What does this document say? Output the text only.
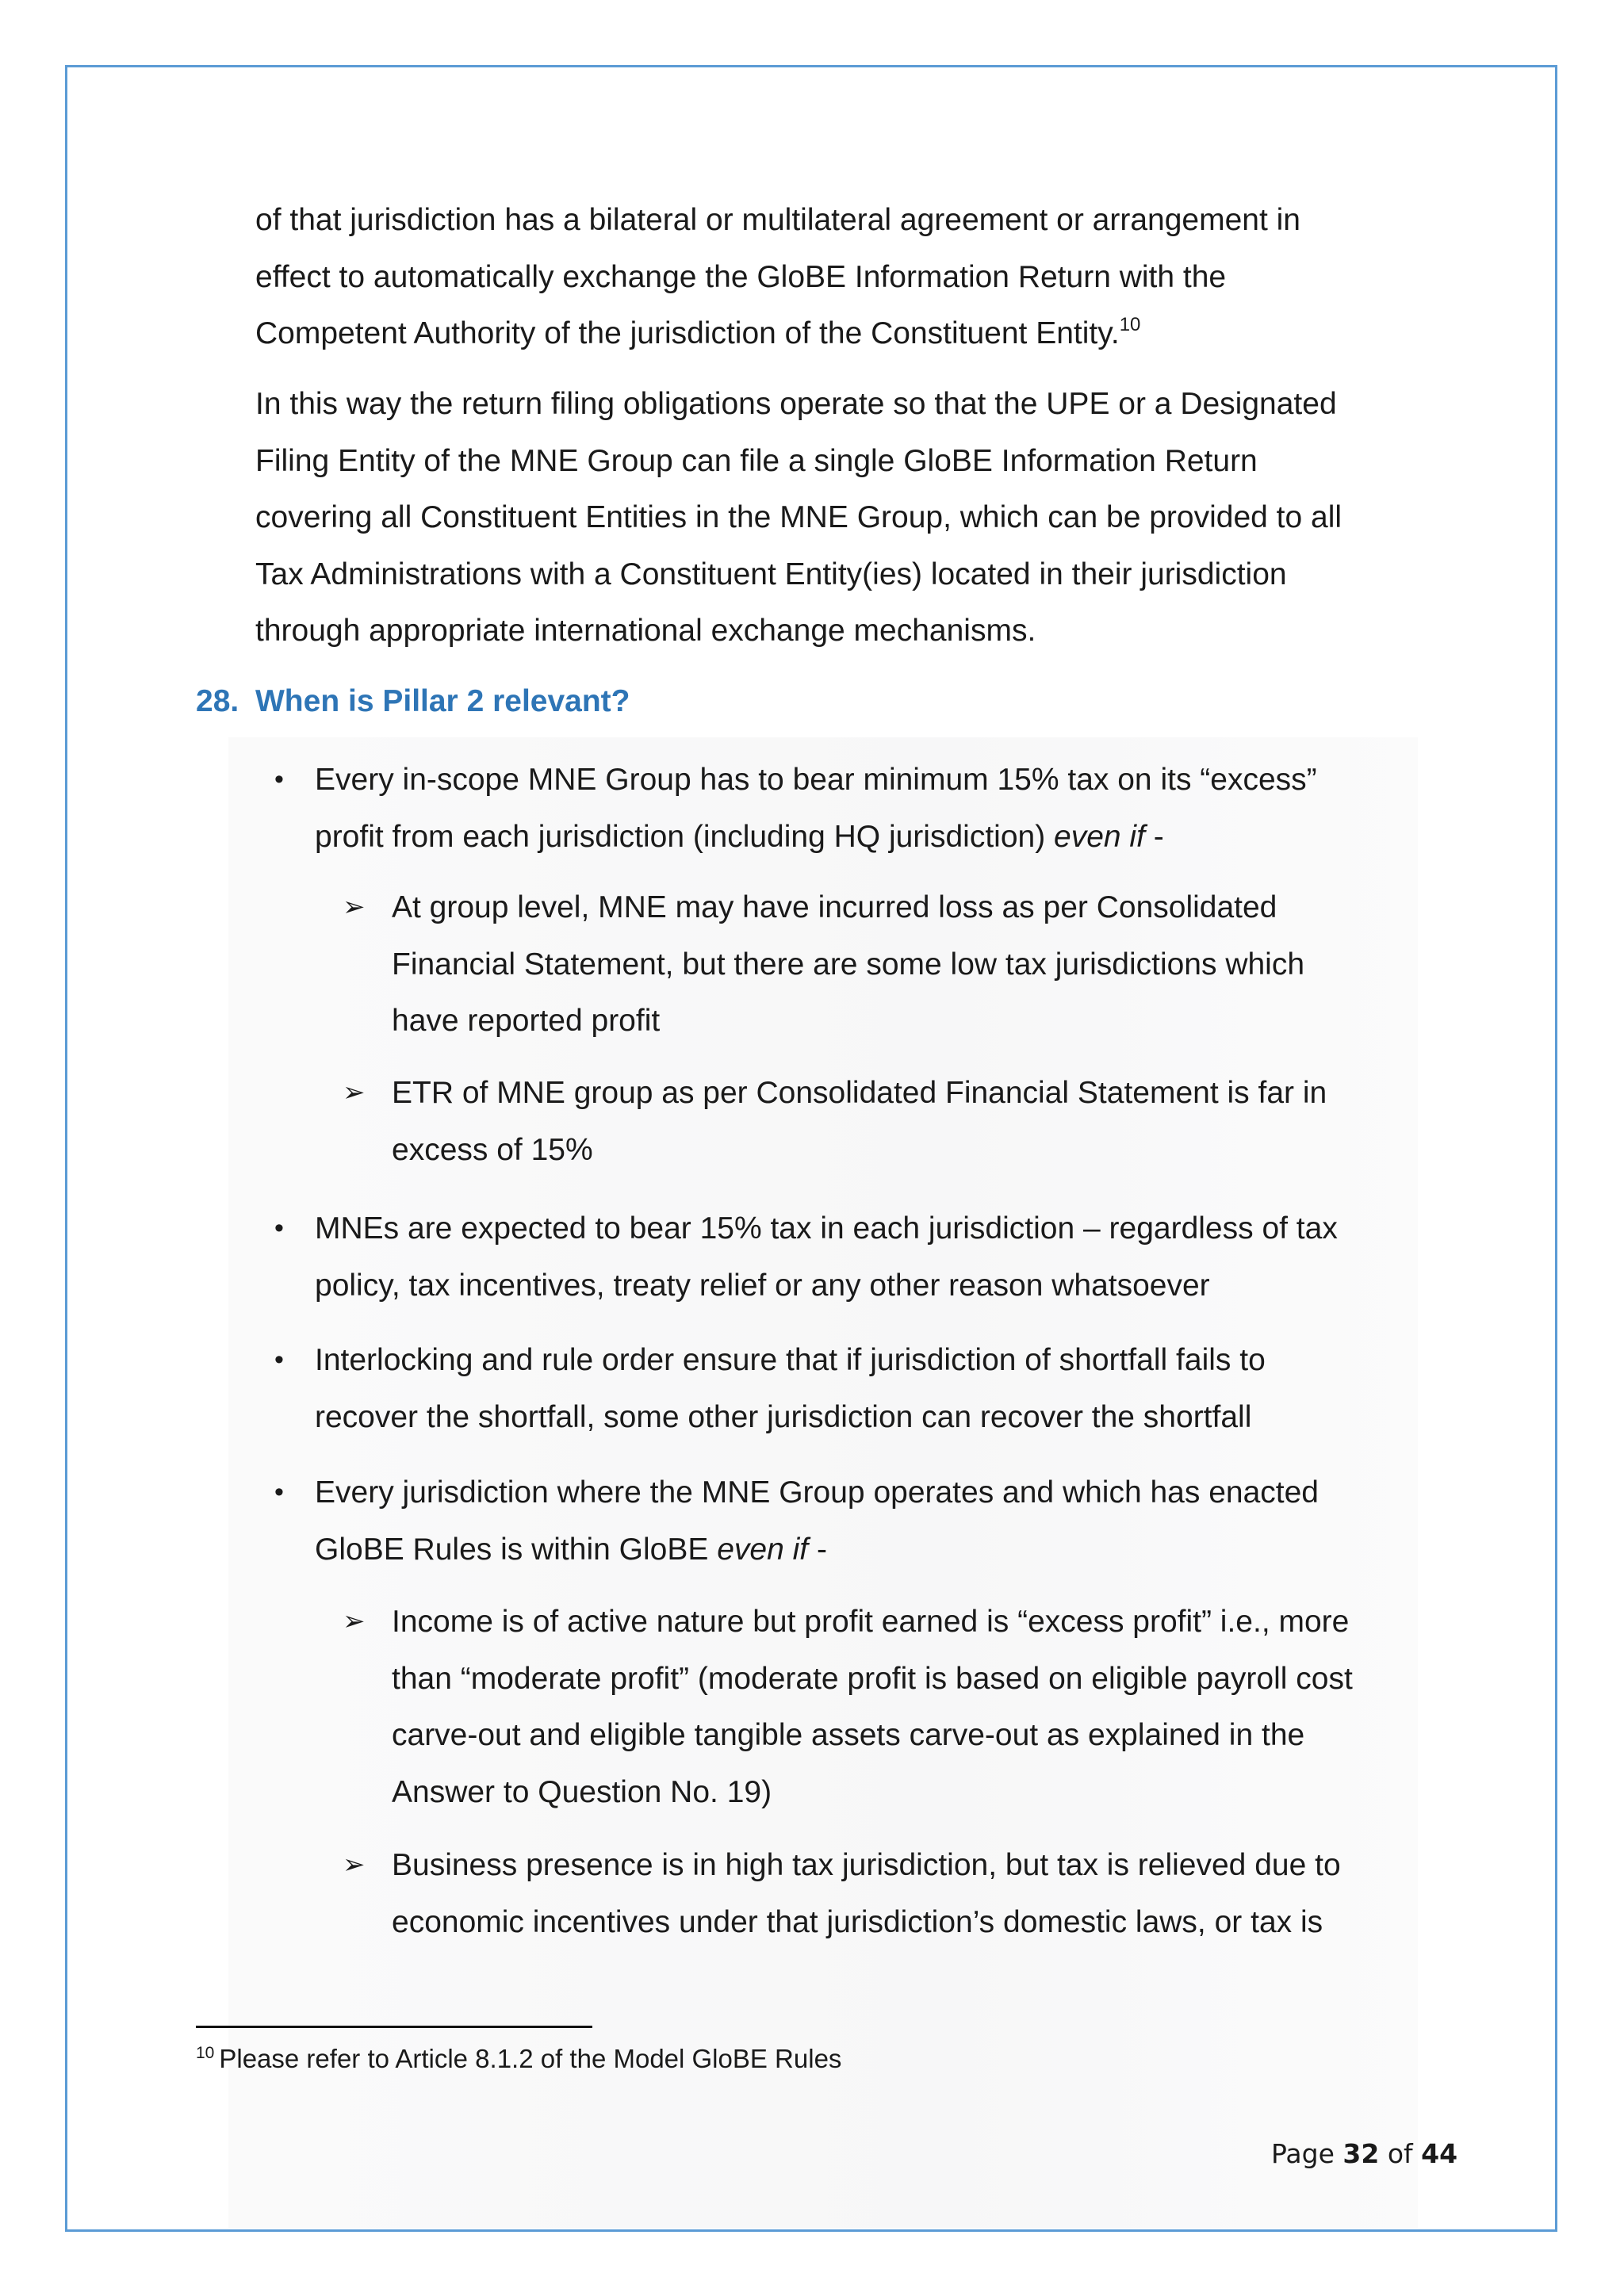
of that jurisdiction has a bilateral or multilateral agreement or arrangement in
effect to automatically exchange the GloBE Information Return with the
Competent Authority of the jurisdiction of the Constituent Entity.$^{10}$
In this way the return filing obligations operate so that the UPE or a Designated
Filing Entity of the MNE Group can file a single GloBE Information Return
covering all Constituent Entities in the MNE Group, which can be provided to all
Tax Administrations with a Constituent Entity(ies) located in their jurisdiction
through appropriate international exchange mechanisms.
28. When is Pillar 2 relevant?
• Every in-scope MNE Group has to bear minimum 15% tax on its “excess”
profit from each jurisdiction (including HQ jurisdiction) even if -
➢ At group level, MNE may have incurred loss as per Consolidated
Financial Statement, but there are some low tax jurisdictions which
have reported profit
➢ ETR of MNE group as per Consolidated Financial Statement is far in
excess of 15%
• MNEs are expected to bear 15% tax in each jurisdiction – regardless of tax
policy, tax incentives, treaty relief or any other reason whatsoever
• Interlocking and rule order ensure that if jurisdiction of shortfall fails to
recover the shortfall, some other jurisdiction can recover the shortfall
• Every jurisdiction where the MNE Group operates and which has enacted
GloBE Rules is within GloBE even if -
➢ Income is of active nature but profit earned is “excess profit” i.e., more
than “moderate profit” (moderate profit is based on eligible payroll cost
carve-out and eligible tangible assets carve-out as explained in the
Answer to Question No. 19)
➢ Business presence is in high tax jurisdiction, but tax is relieved due to
economic incentives under that jurisdiction’s domestic laws, or tax is
$^{10}$ Please refer to Article 8.1.2 of the Model GloBE Rules
Page 32 of 44
